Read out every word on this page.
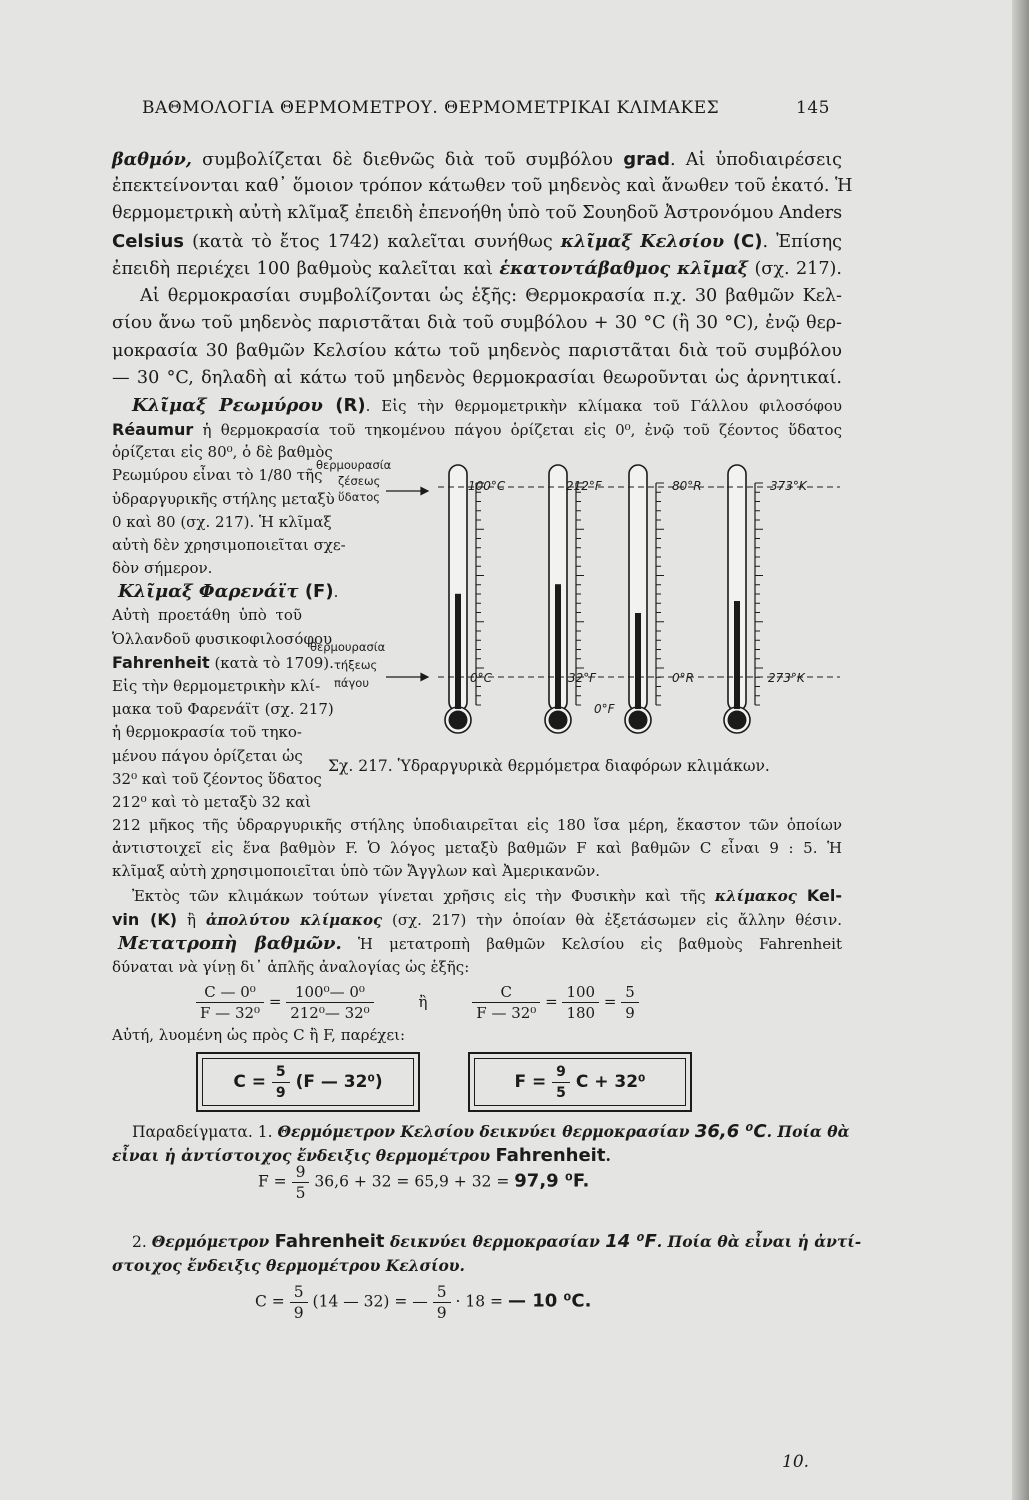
ΒΑΘΜΟΛΟΓΙΑ ΘΕΡΜΟΜΕΤΡΟΥ. ΘΕΡΜΟΜΕΤΡΙΚΑΙ ΚΛΙΜΑΚΕΣ	145
βαθμόν, συμβολίζεται δὲ διεθνῶς διὰ τοῦ συμβόλου grad. Αἱ ὑποδιαιρέσεις
ἐπεκτείνονται καθ᾿ ὅμοιον τρόπον κάτωθεν τοῦ μηδενὸς καὶ ἄνωθεν τοῦ ἑκατό. Ἡ
θερμομετρικὴ αὐτὴ κλῖμαξ ἐπειδὴ ἐπενοήθη ὑπὸ τοῦ Σουηδοῦ Ἀστρονόμου Anders
Celsius (κατὰ τὸ ἔτος 1742) καλεῖται συνήθως κλῖμαξ Κελσίου (C). Ἐπίσης
ἐπειδὴ περιέχει 100 βαθμοὺς καλεῖται καὶ ἑκατοντάβαθμος κλῖμαξ (σχ. 217).
Αἱ θερμοκρασίαι συμβολίζονται ὡς ἑξῆς: Θερμοκρασία π.χ. 30 βαθμῶν Κελ-
σίου ἄνω τοῦ μηδενὸς παριστᾶται διὰ τοῦ συμβόλου + 30 °C (ἢ 30 °C), ἐνῷ θερ-
μοκρασία 30 βαθμῶν Κελσίου κάτω τοῦ μηδενὸς παριστᾶται διὰ τοῦ συμβόλου
— 30 °C, δηλαδὴ αἱ κάτω τοῦ μηδενὸς θερμοκρασίαι θεωροῦνται ὡς ἀρνητικαί.
Κλῖμαξ Ρεωμύρου (R). Εἰς τὴν θερμομετρικὴν κλίμακα τοῦ Γάλλου φιλοσόφου
Réaumur ἡ θερμοκρασία τοῦ τηκομένου πάγου ὁρίζεται εἰς 0⁰, ἐνῷ τοῦ ζέοντος ὕδατος
ὁρίζεται εἰς 80⁰, ὁ δὲ βαθμὸς
Ρεωμύρου εἶναι τὸ 1/80 τῆς
ὑδραργυρικῆς στήλης μεταξὺ
0 καὶ 80 (σχ. 217). Ἡ κλῖμαξ
αὐτὴ δὲν χρησιμοποιεῖται σχε-
δὸν σήμερον.
Κλῖμαξ Φαρενάϊτ (F).
Αὐτὴ προετάθη ὑπὸ τοῦ
Ὁλλανδοῦ φυσικοφιλοσόφου
Fahrenheit (κατὰ τὸ 1709).
Εἰς τὴν θερμομετρικὴν κλί-
μακα τοῦ Φαρενάϊτ (σχ. 217)
ἡ θερμοκρασία τοῦ τηκο-
μένου πάγου ὁρίζεται ὡς
32⁰ καὶ τοῦ ζέοντος ὕδατος
212⁰ καὶ τὸ μεταξὺ 32 καὶ
212 μῆκος τῆς ὑδραργυρικῆς στήλης ὑποδιαιρεῖται εἰς 180 ἴσα μέρη, ἕκαστον τῶν ὁποίων
ἀντιστοιχεῖ εἰς ἕνα βαθμὸν F. Ὁ λόγος μεταξὺ βαθμῶν F καὶ βαθμῶν C εἶναι 9 : 5. Ἡ
κλῖμαξ αὐτὴ χρησιμοποιεῖται ὑπὸ τῶν Ἄγγλων καὶ Ἀμερικανῶν.
Ἐκτὸς τῶν κλιμάκων τούτων γίνεται χρῆσις εἰς τὴν Φυσικὴν καὶ τῆς κλίμακος Kel-
vin (K) ἢ ἀπολύτου κλίμακος (σχ. 217) τὴν ὁποίαν θὰ ἐξετάσωμεν εἰς ἄλλην θέσιν.
Μετατροπὴ βαθμῶν. Ἡ μετατροπὴ βαθμῶν Κελσίου εἰς βαθμοὺς Fahrenheit
δύναται νὰ γίνῃ δι᾿ ἁπλῆς ἀναλογίας ὡς ἑξῆς:
$\frac{\text{C — 0⁰}}{\text{F — 32⁰}} = \frac{\text{100⁰— 0⁰}}{\text{212⁰— 32⁰}}$	ἢ	$\frac{C}{\text{F — 32⁰}} = \frac{100}{180} = \frac{5}{9}$
Αὐτή, λυομένη ὡς πρὸς C ἢ F, παρέχει:
C =
$\frac{5}{9}$
(F — 32⁰)	F =
$\frac{9}{5}$
C + 32⁰
Παραδείγματα. 1. Θερμόμετρον Κελσίου δεικνύει θερμοκρασίαν 36,6 ⁰C. Ποία θὰ
εἶναι ἡ ἀντίστοιχος ἔνδειξις θερμομέτρου Fahrenheit.
$F = \frac{9}{5} 36,6 + 32 = 65,9 + 32 = 97,9$ ⁰F.
2. Θερμόμετρον Fahrenheit δεικνύει θερμοκρασίαν 14 ⁰F. Ποία θὰ εἶναι ἡ ἀντί-
στοιχος ἔνδειξις θερμομέτρου Κελσίου.
$C = \frac{5}{9} (14$ — 32) = — $\frac{5}{9} \cdot 18$ = — 10 ⁰C.
θερμουρασία
ζέσεως
ὕδατος
θερμουρασία
τήξεως
πάγου
100°C
0°C
212°F
32°F
0°F
80°R
0°R
373°K
273°K
Σχ. 217. Ὑδραργυρικὰ θερμόμετρα διαφόρων κλιμάκων.
10.
